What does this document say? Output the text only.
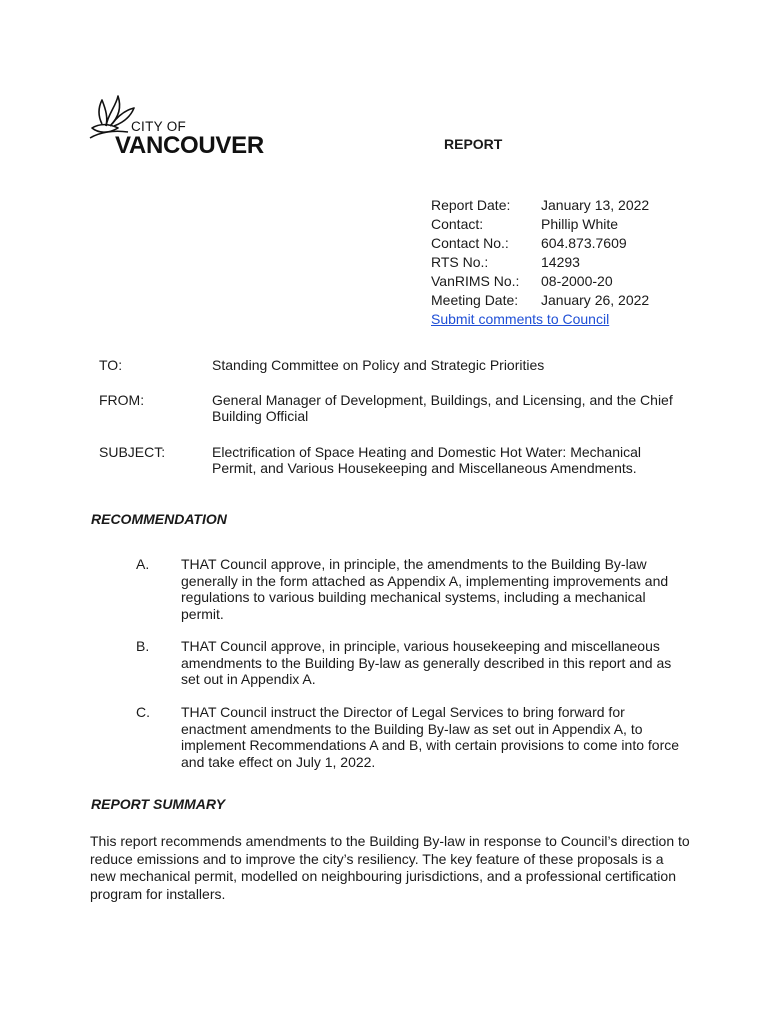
CITY OF
VANCOUVER	REPORT
Report Date: January 13, 2022
Contact:	Phillip White
Contact No.: 604.873.7609
RTS No.:	14293
VanRIMS No.: 08-2000-20
Meeting Date: January 26, 2022
Submit comments to Council
TO:	Standing Committee on Policy and Strategic Priorities
FROM:	General Manager of Development, Buildings, and Licensing, and the Chief Building Official
SUBJECT:	Electrification of Space Heating and Domestic Hot Water: Mechanical Permit, and Various Housekeeping and Miscellaneous Amendments.
RECOMMENDATION
A. THAT Council approve, in principle, the amendments to the Building By-law generally in the form attached as Appendix A, implementing improvements and regulations to various building mechanical systems, including a mechanical permit.
B. THAT Council approve, in principle, various housekeeping and miscellaneous amendments to the Building By-law as generally described in this report and as set out in Appendix A.
C. THAT Council instruct the Director of Legal Services to bring forward for enactment amendments to the Building By-law as set out in Appendix A, to implement Recommendations A and B, with certain provisions to come into force and take effect on July 1, 2022.
REPORT SUMMARY
This report recommends amendments to the Building By-law in response to Council’s direction to reduce emissions and to improve the city’s resiliency. The key feature of these proposals is a new mechanical permit, modelled on neighbouring jurisdictions, and a professional certification program for installers.
